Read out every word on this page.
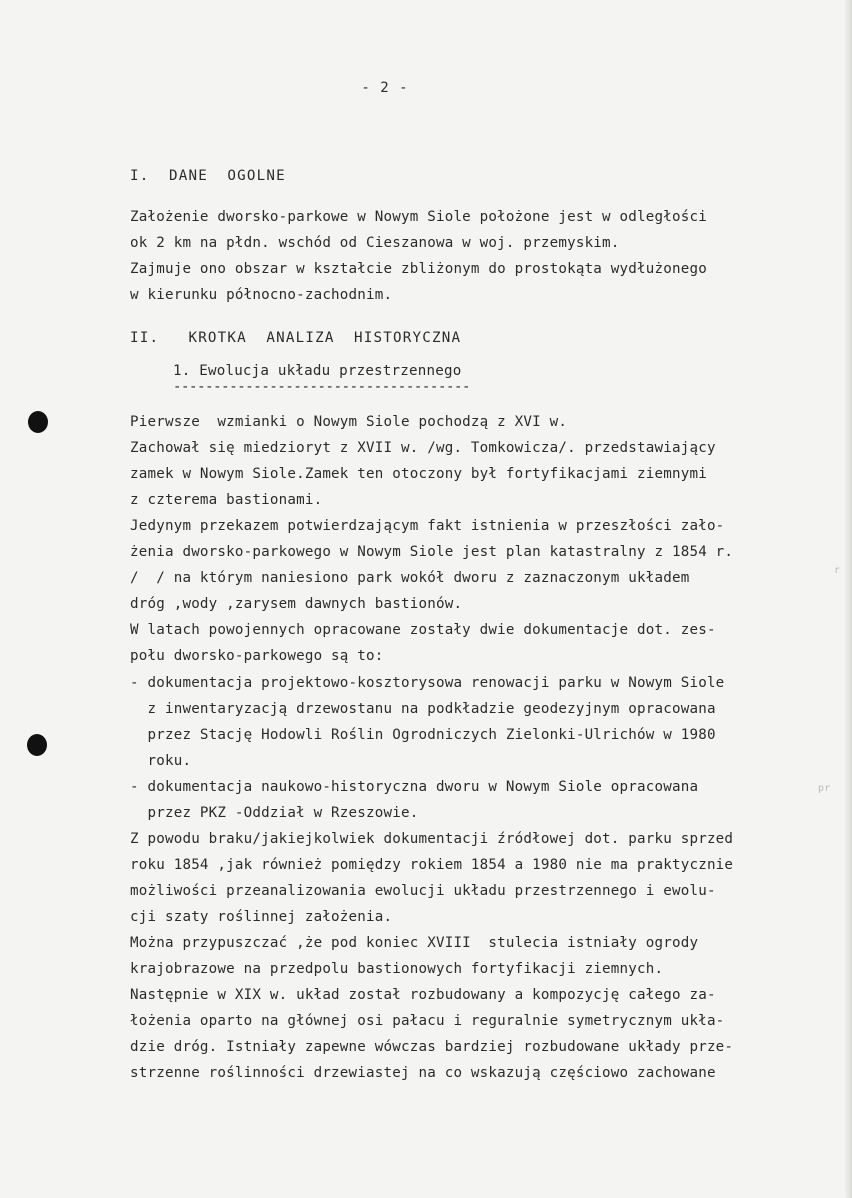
- 2 -
I.  DANE  OGOLNE
Założenie dworsko-parkowe w Nowym Siole położone jest w odległości
ok 2 km na płdn. wschód od Cieszanowa w woj. przemyskim.
Zajmuje ono obszar w kształcie zbliżonym do prostokąta wydłużonego
w kierunku północno-zachodnim.
II.   KROTKA  ANALIZA  HISTORYCZNA
1. Ewolucja układu przestrzennego
-------------------------------------
Pierwsze  wzmianki o Nowym Siole pochodzą z XVI w.
Zachował się miedzioryt z XVII w. /wg. Tomkowicza/. przedstawiający
zamek w Nowym Siole.Zamek ten otoczony był fortyfikacjami ziemnymi
z czterema bastionami.
Jedynym przekazem potwierdzającym fakt istnienia w przeszłości zało-
żenia dworsko-parkowego w Nowym Siole jest plan katastralny z 1854 r.
/  / na którym naniesiono park wokół dworu z zaznaczonym układem
dróg ,wody ,zarysem dawnych bastionów.
W latach powojennych opracowane zostały dwie dokumentacje dot. zes-
połu dworsko-parkowego są to:
- dokumentacja projektowo-kosztorysowa renowacji parku w Nowym Siole
z inwentaryzacją drzewostanu na podkładzie geodezyjnym opracowana
przez Stację Hodowli Roślin Ogrodniczych Zielonki-Ulrichów w 1980
roku.
- dokumentacja naukowo-historyczna dworu w Nowym Siole opracowana
przez PKZ -Oddział w Rzeszowie.
Z powodu braku/jakiejkolwiek dokumentacji źródłowej dot. parku sprzed
roku 1854 ,jak również pomiędzy rokiem 1854 a 1980 nie ma praktycznie
możliwości przeanalizowania ewolucji układu przestrzennego i ewolu-
cji szaty roślinnej założenia.
Można przypuszczać ,że pod koniec XVIII  stulecia istniały ogrody
krajobrazowe na przedpolu bastionowych fortyfikacji ziemnych.
Następnie w XIX w. układ został rozbudowany a kompozycję całego za-
łożenia oparto na głównej osi pałacu i reguralnie symetrycznym ukła-
dzie dróg. Istniały zapewne wówczas bardziej rozbudowane układy prze-
strzenne roślinności drzewiastej na co wskazują częściowo zachowane
r
pr
